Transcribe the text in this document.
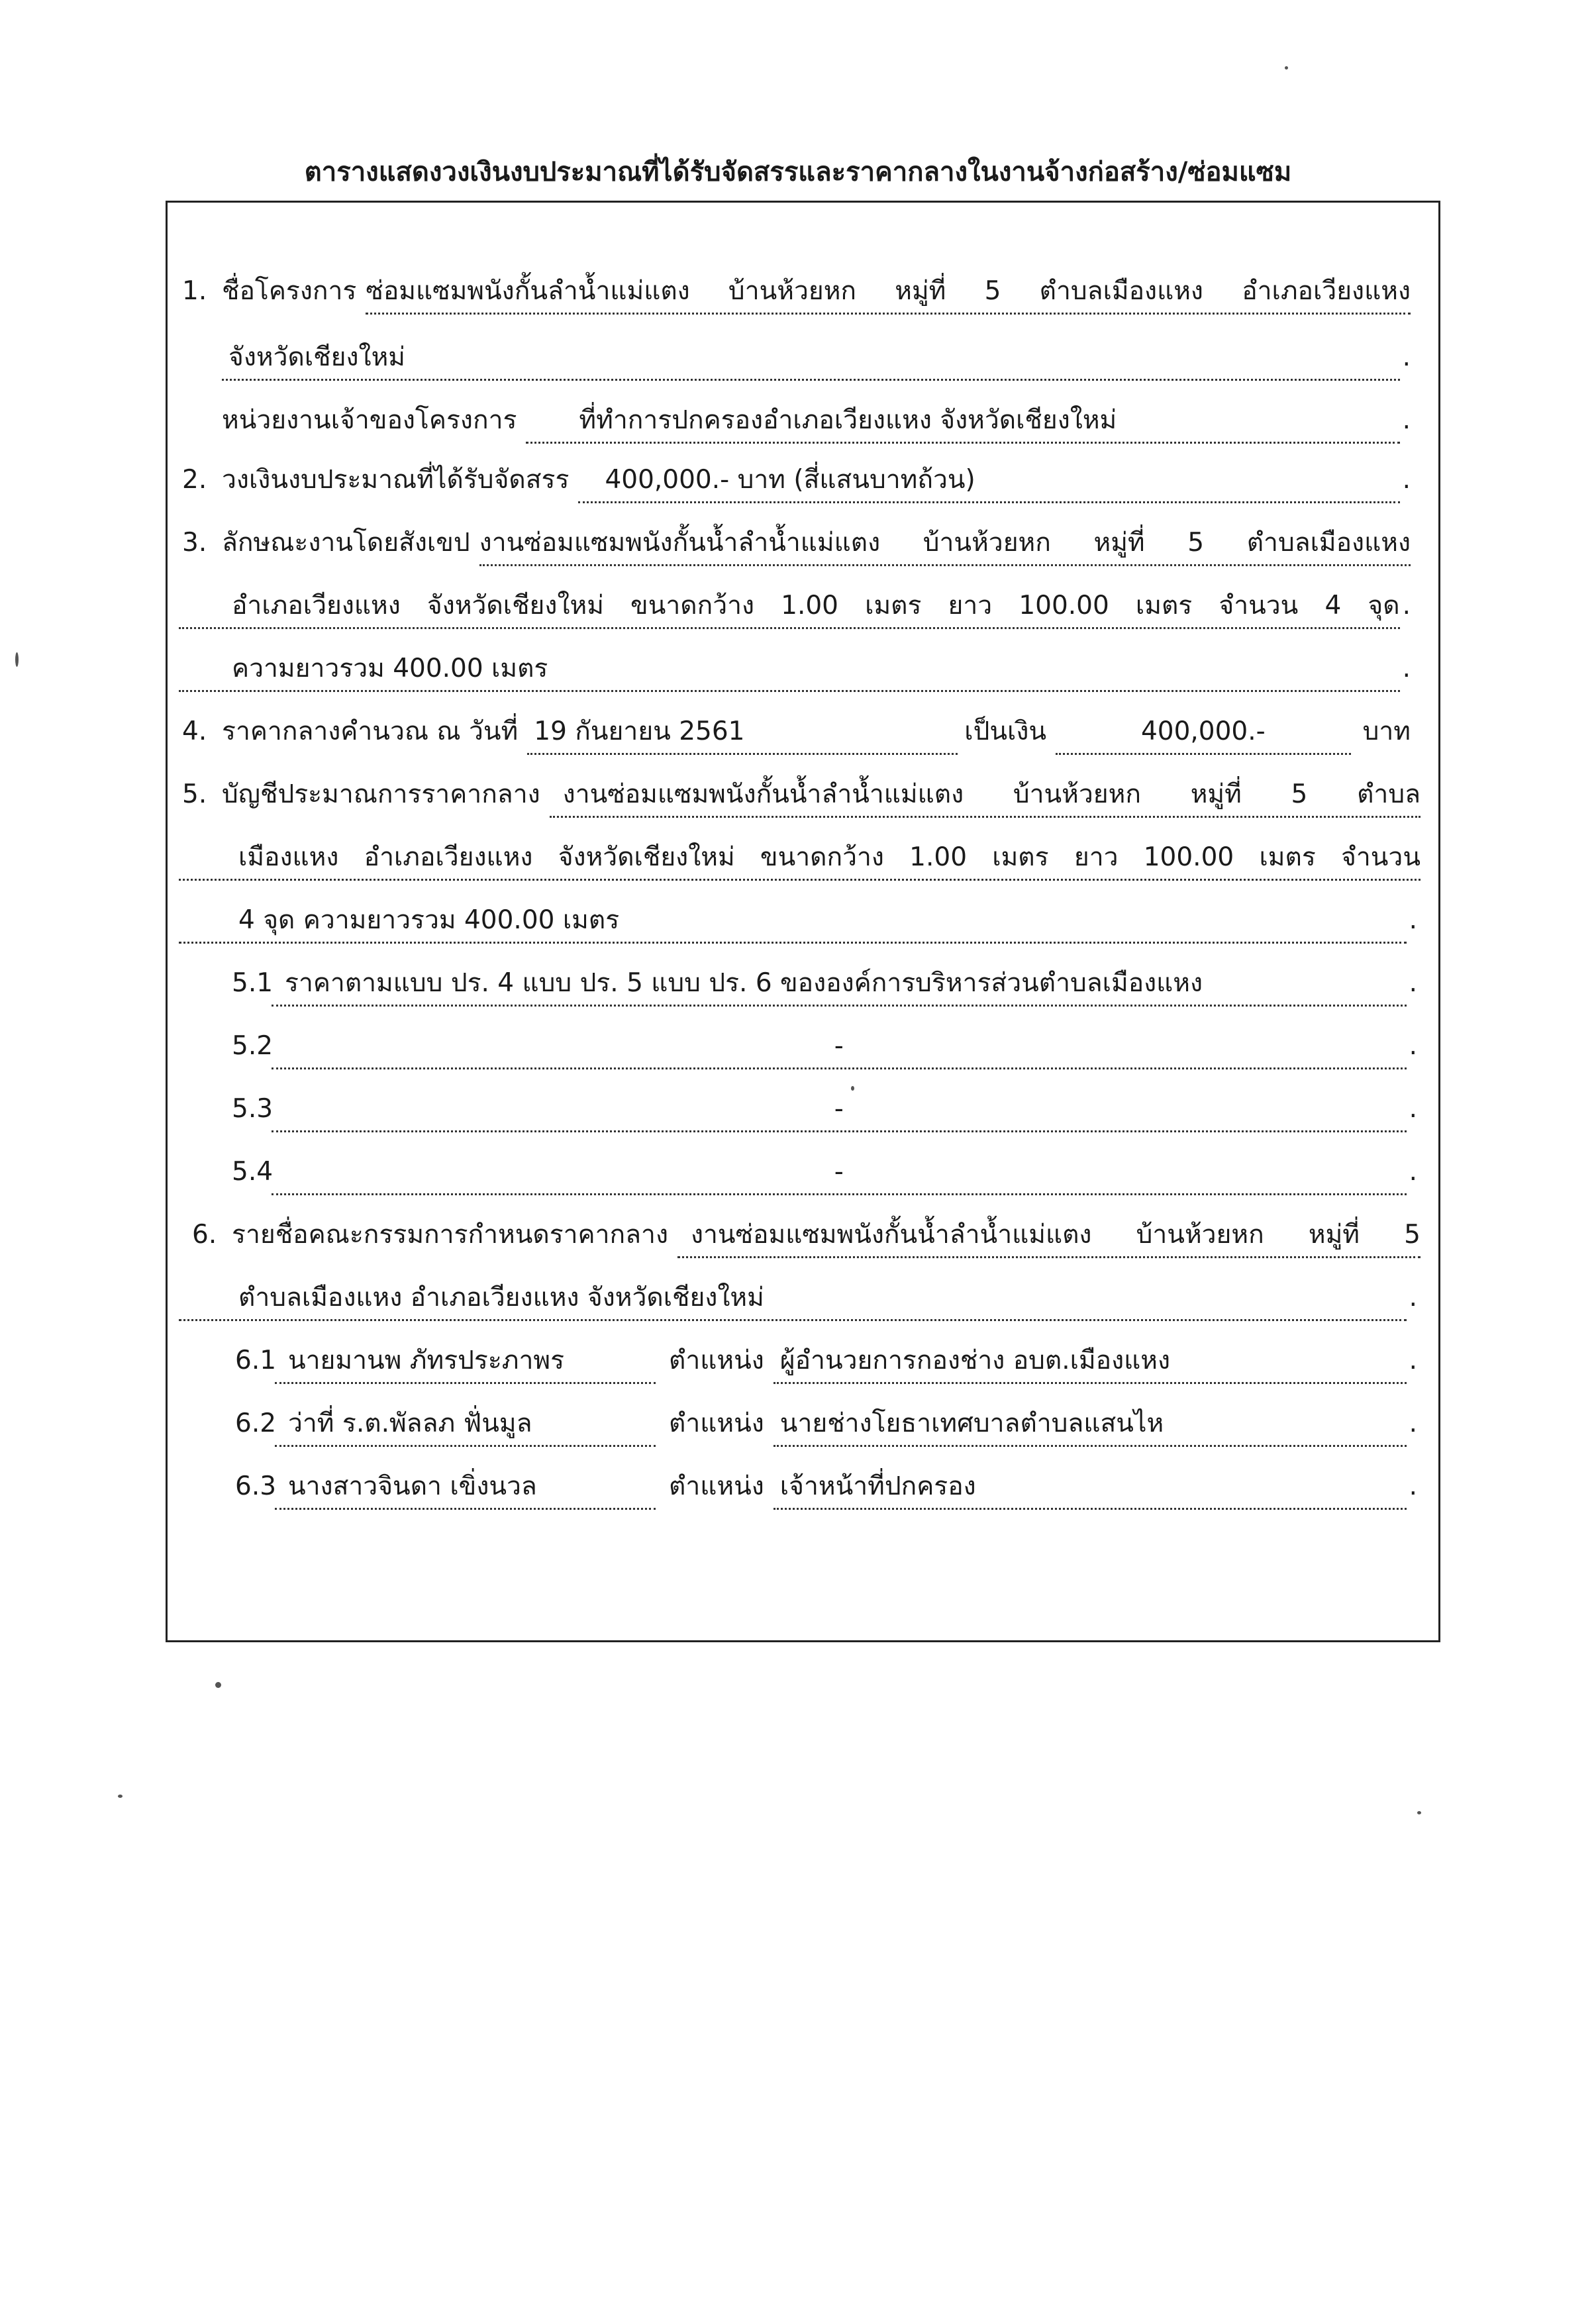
ตารางแสดงวงเงินงบประมาณที่ได้รับจัดสรรและราคากลางในงานจ้างก่อสร้าง/ซ่อมแซม
1. ชื่อโครงการ ซ่อมแซมพนังกั้นลำน้ำแม่แตง บ้านห้วยหก หมู่ที่ 5 ตำบลเมืองแหง อำเภอเวียงแหง
จังหวัดเชียงใหม่	.
หน่วยงานเจ้าของโครงการ	ที่ทำการปกครองอำเภอเวียงแหง จังหวัดเชียงใหม่	.
2. วงเงินงบประมาณที่ได้รับจัดสรร	400,000.- บาท (สี่แสนบาทถ้วน)	.
3. ลักษณะงานโดยสังเขป งานซ่อมแซมพนังกั้นน้ำลำน้ำแม่แตง บ้านห้วยหก หมู่ที่ 5 ตำบลเมืองแหง
อำเภอเวียงแหง จังหวัดเชียงใหม่ ขนาดกว้าง 1.00 เมตร ยาว 100.00 เมตร จำนวน 4 จุด .
ความยาวรวม 400.00 เมตร	.
4. ราคากลางคำนวณ ณ วันที่ 19 กันยายน 2561	เป็นเงิน	400,000.-	บาท
5. บัญชีประมาณการราคากลาง งานซ่อมแซมพนังกั้นน้ำลำน้ำแม่แตง บ้านห้วยหก หมู่ที่ 5 ตำบล
เมืองแหง อำเภอเวียงแหง จังหวัดเชียงใหม่ ขนาดกว้าง 1.00 เมตร ยาว 100.00 เมตร จำนวน
4 จุด ความยาวรวม 400.00 เมตร	.
5.1 ราคาตามแบบ ปร. 4 แบบ ปร. 5 แบบ ปร. 6 ขององค์การบริหารส่วนตำบลเมืองแหง	.
5.2	-	.
5.3	-	.
5.4	-	.
6. รายชื่อคณะกรรมการกำหนดราคากลาง งานซ่อมแซมพนังกั้นน้ำลำน้ำแม่แตง บ้านห้วยหก หมู่ที่ 5
ตำบลเมืองแหง อำเภอเวียงแหง จังหวัดเชียงใหม่	.
6.1 นายมานพ ภัทรประภาพร	ตำแหน่ง ผู้อำนวยการกองช่าง อบต.เมืองแหง	.
6.2 ว่าที่ ร.ต.พัลลภ ฟั่นมูล	ตำแหน่ง นายช่างโยธาเทศบาลตำบลแสนไห	.
6.3 นางสาวจินดา เขิ่งนวล	ตำแหน่ง เจ้าหน้าที่ปกครอง	.
